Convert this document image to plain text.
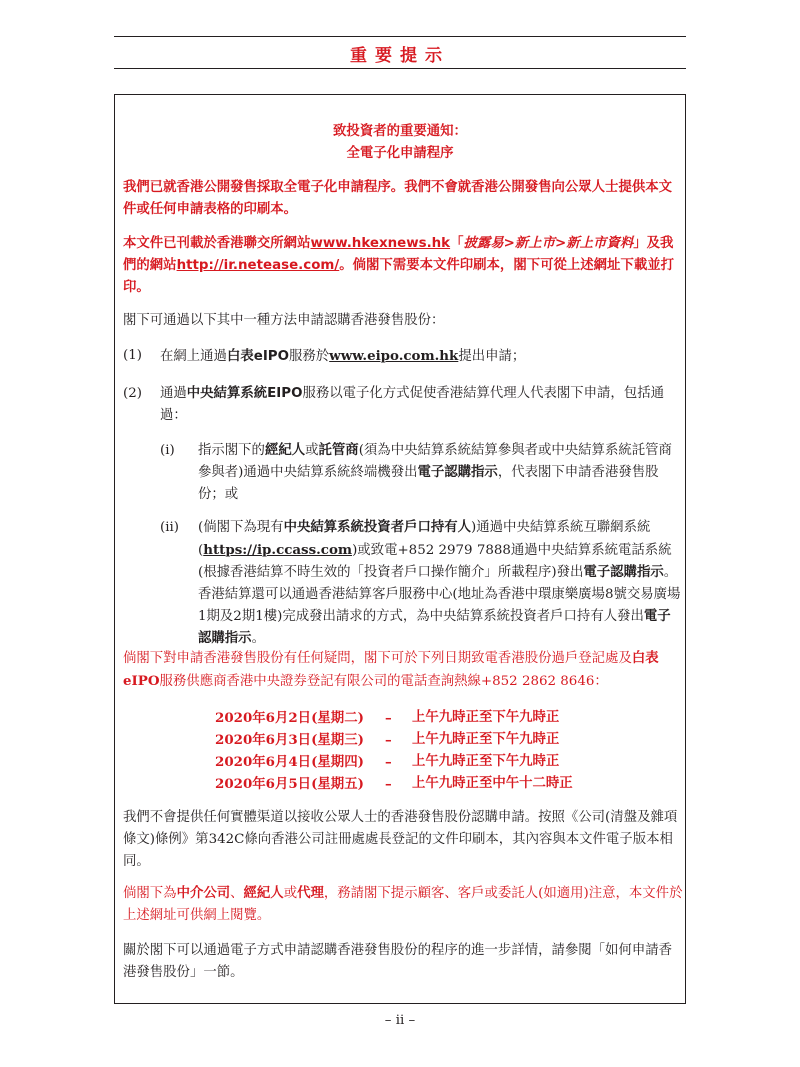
重要提示
致投資者的重要通知：
全電子化申請程序
我們已就香港公開發售採取全電子化申請程序。我們不會就香港公開發售向公眾人士提供本文件或任何申請表格的印刷本。
本文件已刊載於香港聯交所網站www.hkexnews.hk「披露易>新上市>新上市資料」及我們的網站http://ir.netease.com/。倘閣下需要本文件印刷本，閣下可從上述網址下載並打印。
閣下可通過以下其中一種方法申請認購香港發售股份：
(1) 在網上通過白表eIPO服務於www.eipo.com.hk提出申請；
(2) 通過中央結算系統EIPO服務以電子化方式促使香港結算代理人代表閣下申請，包括通過：
(i) 指示閣下的經紀人或託管商(須為中央結算系統結算參與者或中央結算系統託管商參與者)通過中央結算系統終端機發出電子認購指示，代表閣下申請香港發售股份；或
(ii) (倘閣下為現有中央結算系統投資者戶口持有人)通過中央結算系統互聯網系統(https://ip.ccass.com)或致電+852 2979 7888通過中央結算系統電話系統(根據香港結算不時生效的「投資者戶口操作簡介」所載程序)發出電子認購指示。香港結算還可以通過香港結算客戶服務中心(地址為香港中環康樂廣場8號交易廣場1期及2期1樓)完成發出請求的方式，為中央結算系統投資者戶口持有人發出電子認購指示。
倘閣下對申請香港發售股份有任何疑問，閣下可於下列日期致電香港股份過戶登記處及白表eIPO服務供應商香港中央證券登記有限公司的電話查詢熱線+852 2862 8646：
2020年6月2日(星期二) – 上午九時正至下午九時正
2020年6月3日(星期三) – 上午九時正至下午九時正
2020年6月4日(星期四) – 上午九時正至下午九時正
2020年6月5日(星期五) – 上午九時正至中午十二時正
我們不會提供任何實體渠道以接收公眾人士的香港發售股份認購申請。按照《公司(清盤及雜項條文)條例》第342C條向香港公司註冊處處長登記的文件印刷本，其內容與本文件電子版本相同。
倘閣下為中介公司、經紀人或代理，務請閣下提示顧客、客戶或委託人(如適用)注意，本文件於上述網址可供網上閱覽。
關於閣下可以通過電子方式申請認購香港發售股份的程序的進一步詳情，請參閱「如何申請香港發售股份」一節。
– ii –
